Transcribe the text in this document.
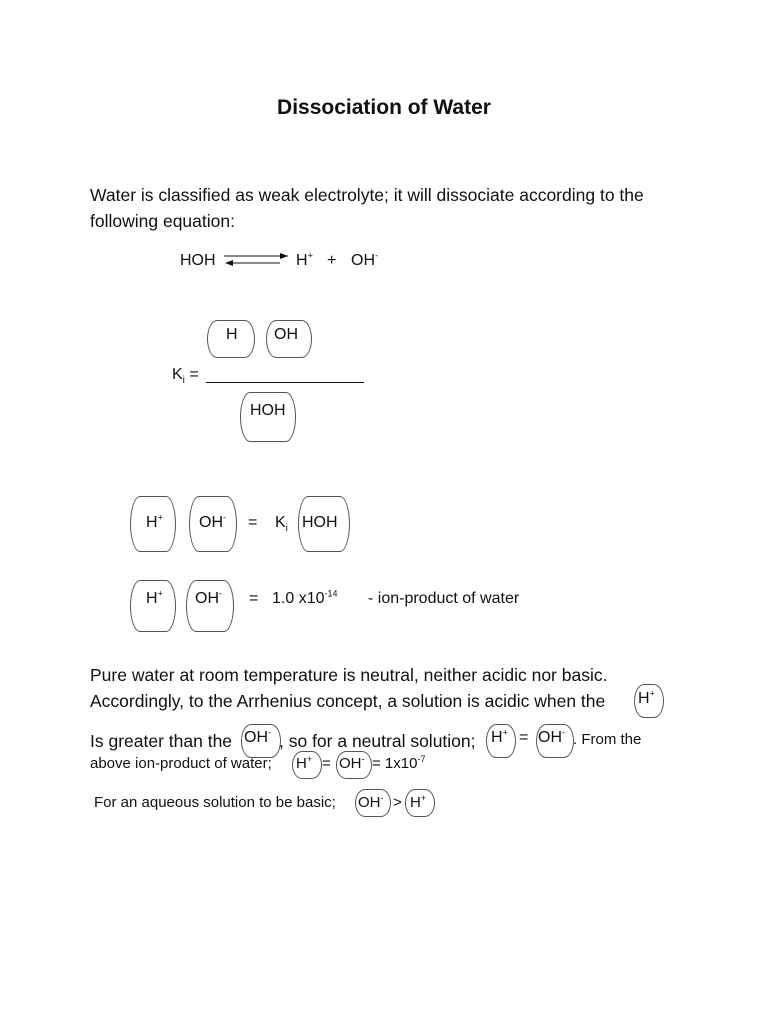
Dissociation of Water
Water is classified as weak electrolyte; it will dissociate according to the
following equation:
HOH	H+ + OH-
H OH
$K_i$ =
HOH
H+ $OH^- = K_i$ HOH
H+ OH- = 1.0 $x10^{-14}$ - ion-product of water
Pure water at room temperature is neutral, neither acidic nor basic.
Accordingly, to the Arrhenius concept, a solution is acidic when the H+
Is greater than the OH- , so for a neutral solution; H+ = OH- . From the
above ion-product of water; $H^+ = OH^- = 1x10^{-7}$
For an aqueous solution to be basic; OH- > H+
